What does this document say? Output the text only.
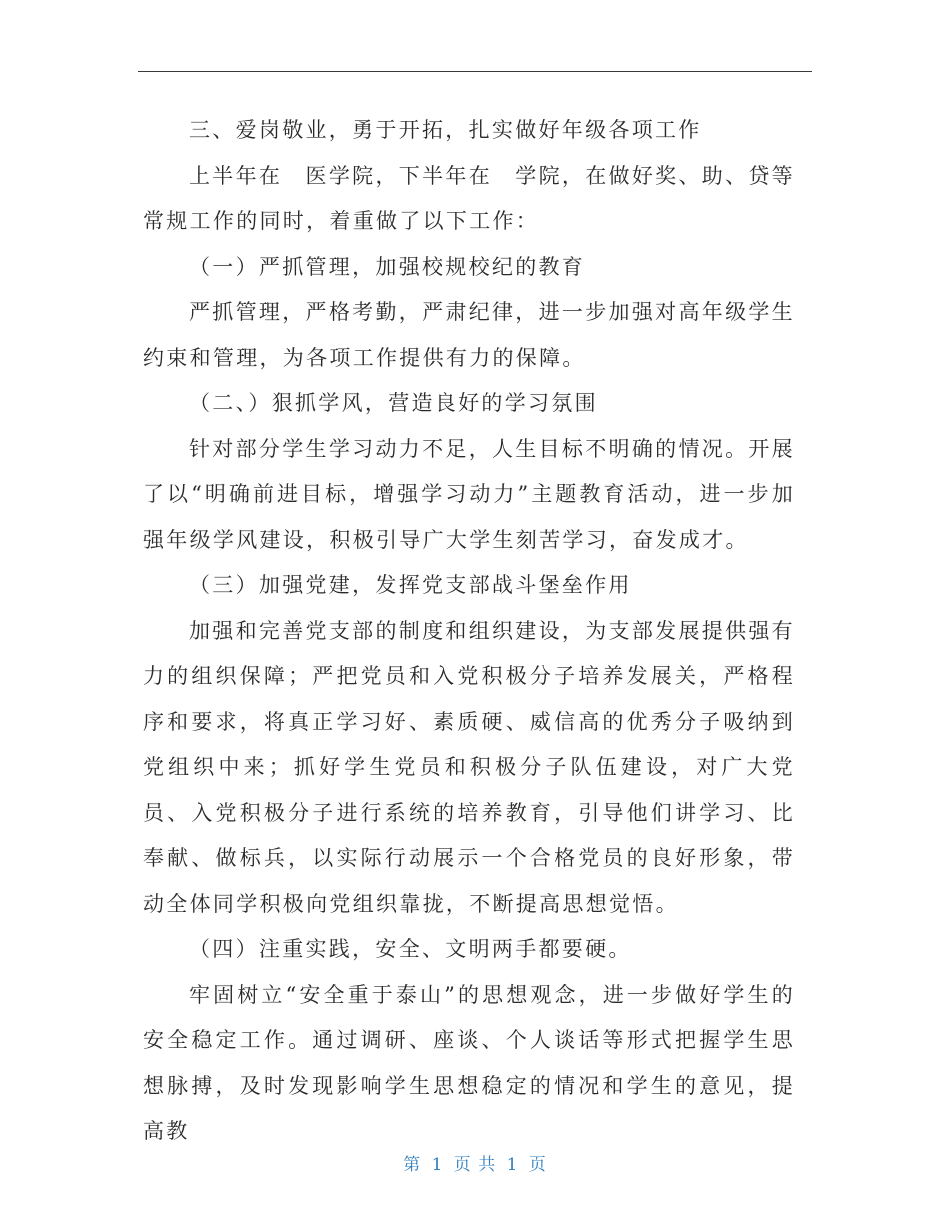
三、爱岗敬业，勇于开拓，扎实做好年级各项工作

上半年在　医学院，下半年在　学院，在做好奖、助、贷等常规工作的同时，着重做了以下工作：

（一）严抓管理，加强校规校纪的教育

严抓管理，严格考勤，严肃纪律，进一步加强对高年级学生约束和管理，为各项工作提供有力的保障。

（二、）狠抓学风，营造良好的学习氛围

针对部分学生学习动力不足，人生目标不明确的情况。开展了以“明确前进目标，增强学习动力”主题教育活动，进一步加强年级学风建设，积极引导广大学生刻苦学习，奋发成才。

（三）加强党建，发挥党支部战斗堡垒作用

加强和完善党支部的制度和组织建设，为支部发展提供强有力的组织保障；严把党员和入党积极分子培养发展关，严格程序和要求，将真正学习好、素质硬、威信高的优秀分子吸纳到党组织中来；抓好学生党员和积极分子队伍建设，对广大党员、入党积极分子进行系统的培养教育，引导他们讲学习、比奉献、做标兵，以实际行动展示一个合格党员的良好形象，带动全体同学积极向党组织靠拢，不断提高思想觉悟。

（四）注重实践，安全、文明两手都要硬。

牢固树立“安全重于泰山”的思想观念，进一步做好学生的安全稳定工作。通过调研、座谈、个人谈话等形式把握学生思想脉搏，及时发现影响学生思想稳定的情况和学生的意见，提高教

第 1 页 共 1 页
